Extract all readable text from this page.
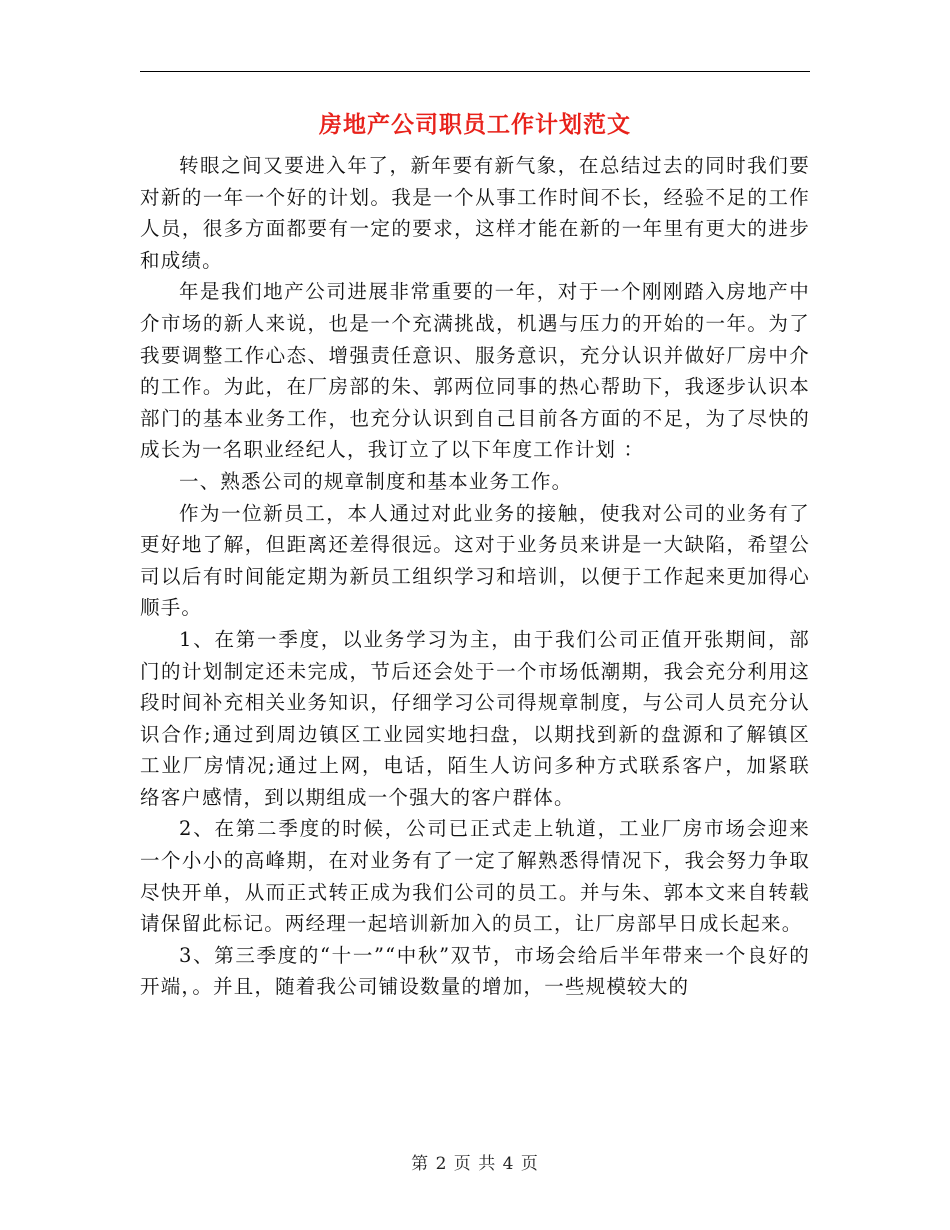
房地产公司职员工作计划范文

转眼之间又要进入年了，新年要有新气象，在总结过去的同时我们要对新的一年一个好的计划。我是一个从事工作时间不长，经验不足的工作人员，很多方面都要有一定的要求，这样才能在新的一年里有更大的进步和成绩。

年是我们地产公司进展非常重要的一年，对于一个刚刚踏入房地产中介市场的新人来说，也是一个充满挑战，机遇与压力的开始的一年。为了我要调整工作心态、增强责任意识、服务意识，充分认识并做好厂房中介的工作。为此，在厂房部的朱、郭两位同事的热心帮助下，我逐步认识本部门的基本业务工作，也充分认识到自己目前各方面的不足，为了尽快的成长为一名职业经纪人，我订立了以下年度工作计划 ：

一、熟悉公司的规章制度和基本业务工作。

作为一位新员工，本人通过对此业务的接触，使我对公司的业务有了更好地了解，但距离还差得很远。这对于业务员来讲是一大缺陷，希望公司以后有时间能定期为新员工组织学习和培训，以便于工作起来更加得心顺手。

1、在第一季度，以业务学习为主，由于我们公司正值开张期间，部门的计划制定还未完成，节后还会处于一个市场低潮期，我会充分利用这段时间补充相关业务知识，仔细学习公司得规章制度，与公司人员充分认识合作;通过到周边镇区工业园实地扫盘，以期找到新的盘源和了解镇区工业厂房情况;通过上网，电话，陌生人访问多种方式联系客户，加紧联络客户感情，到以期组成一个强大的客户群体。

2、在第二季度的时候，公司已正式走上轨道，工业厂房市场会迎来一个小小的高峰期，在对业务有了一定了解熟悉得情况下，我会努力争取尽快开单，从而正式转正成为我们公司的员工。并与朱、郭本文来自转载请保留此标记。两经理一起培训新加入的员工，让厂房部早日成长起来。

3、第三季度的“十一”“中秋”双节，市场会给后半年带来一个良好的开端，。并且，随着我公司铺设数量的增加，一些规模较大的

第 2 页 共 4 页
